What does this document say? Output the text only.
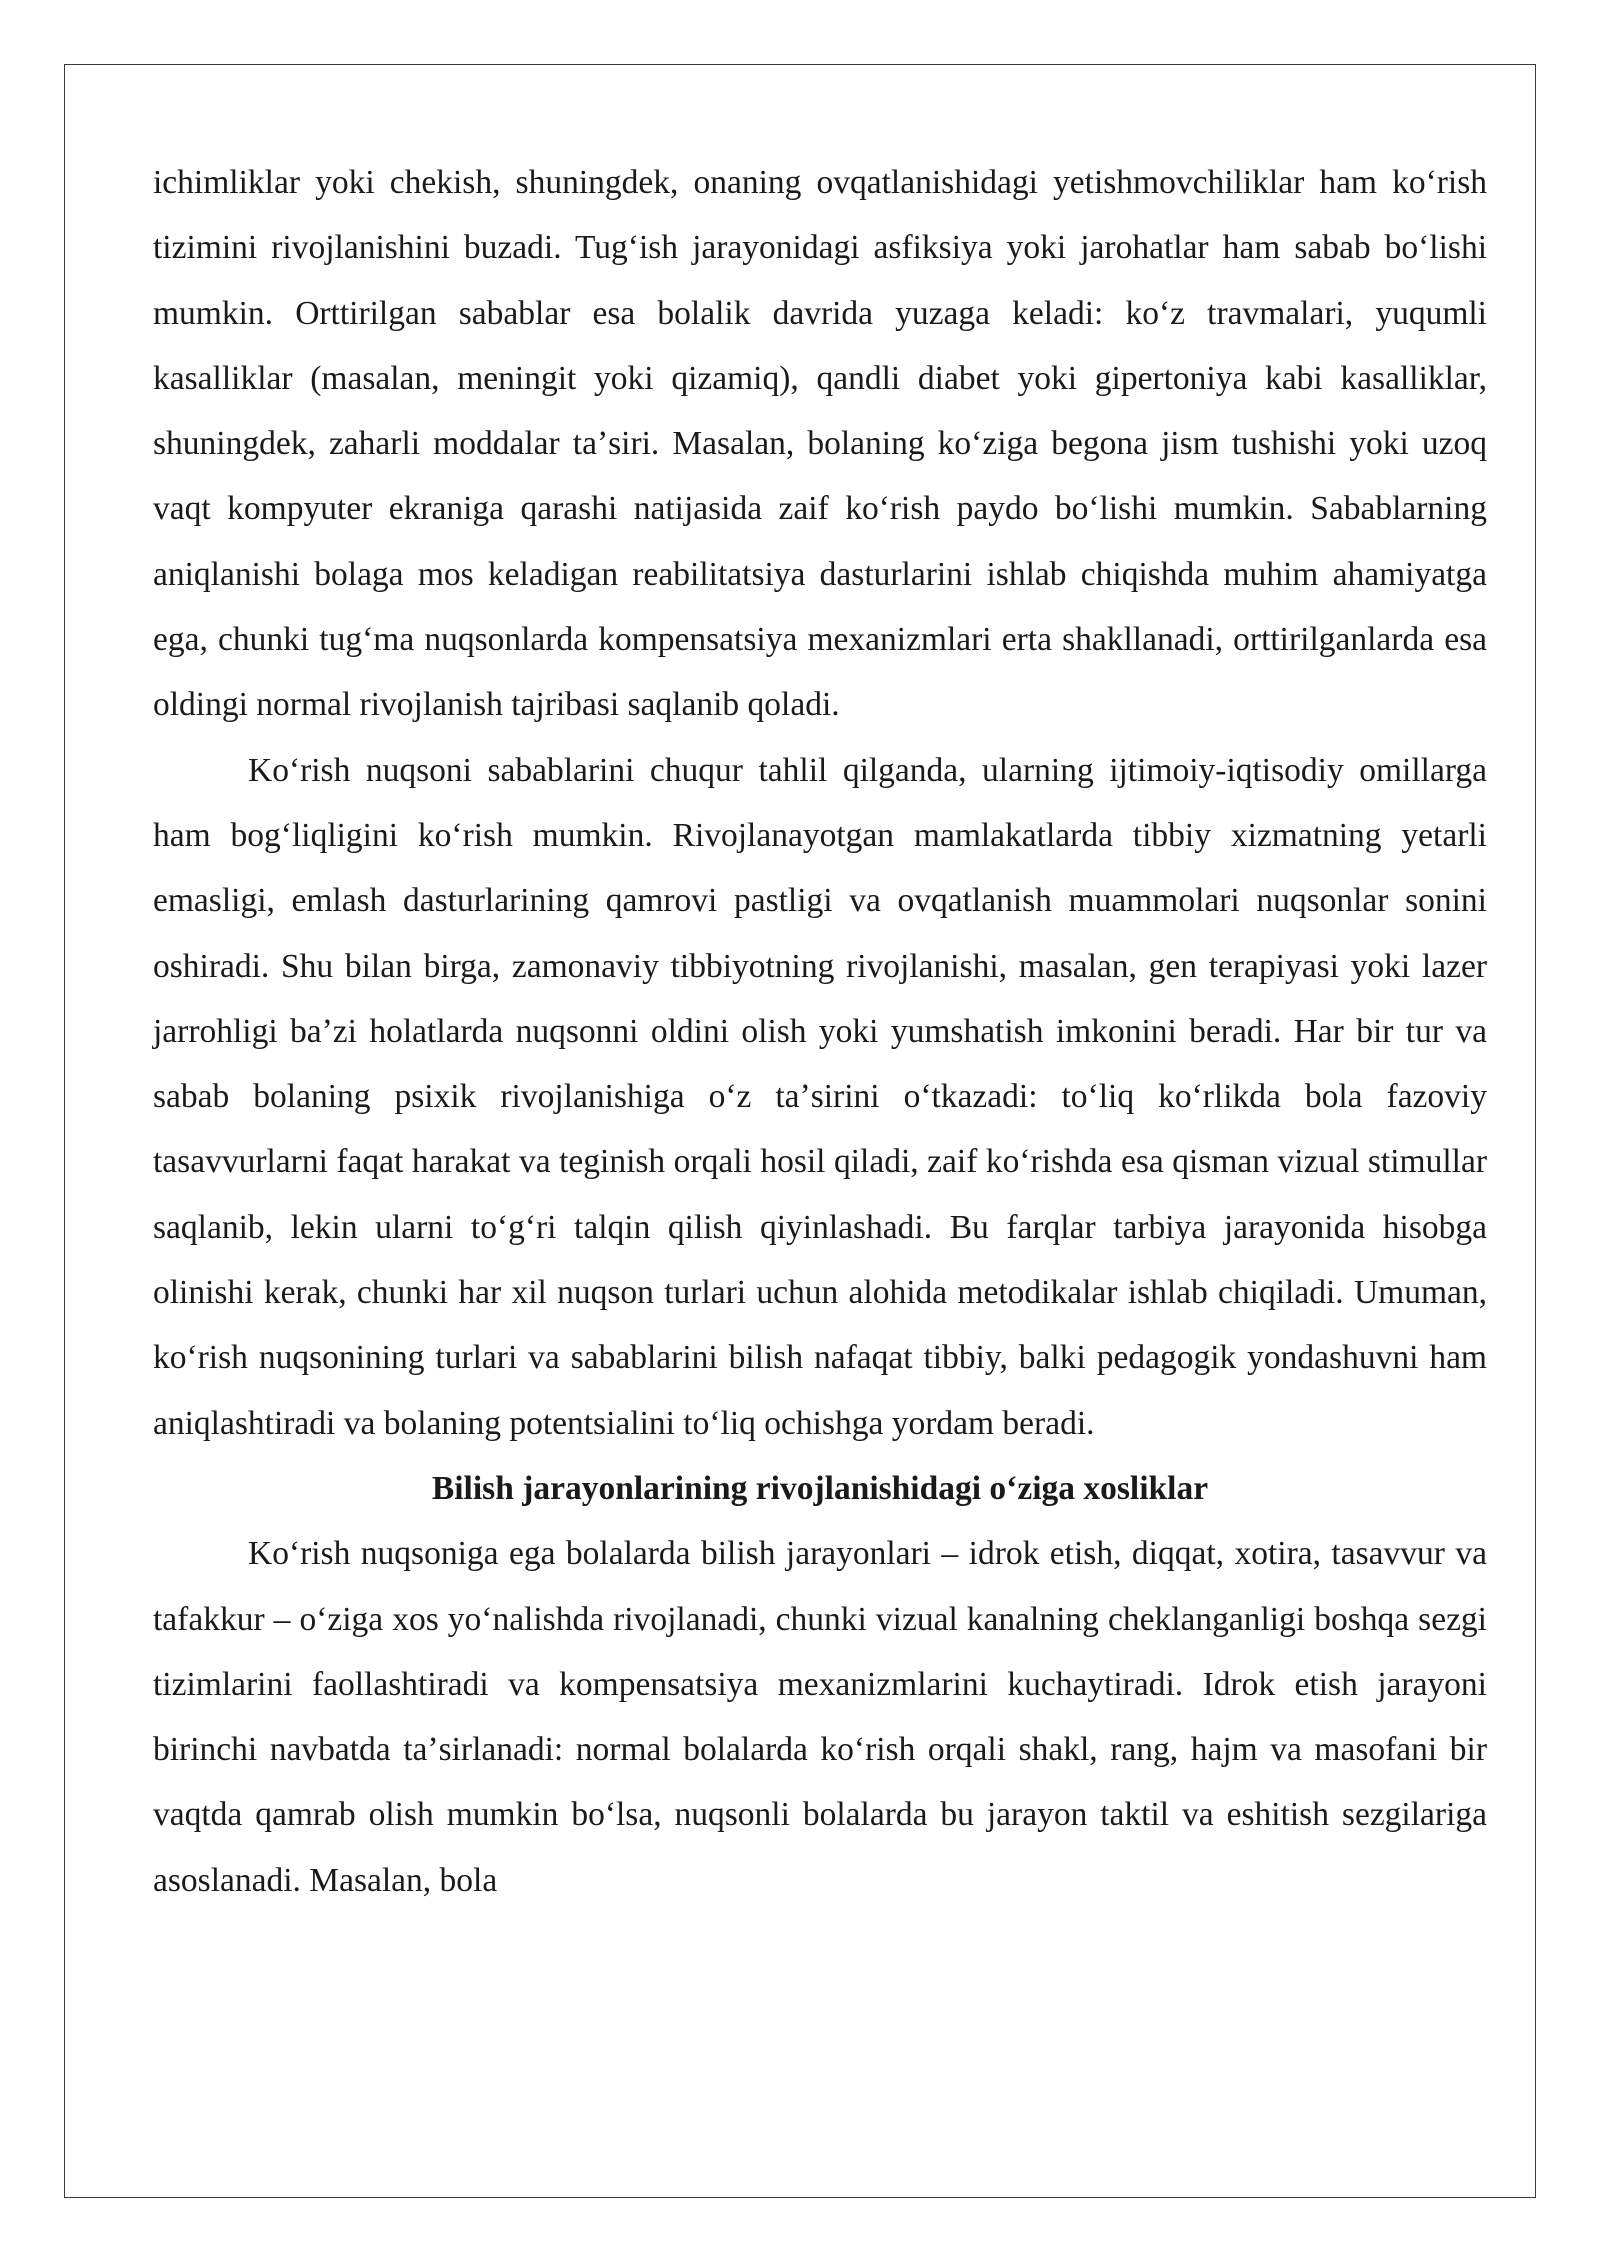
ichimliklar yoki chekish, shuningdek, onaning ovqatlanishidagi yetishmovchiliklar ham koʻrish tizimini rivojlanishini buzadi. Tugʻish jarayonidagi asfiksiya yoki jarohatlar ham sabab boʻlishi mumkin. Orttirilgan sabablar esa bolalik davrida yuzaga keladi: koʻz travmalari, yuqumli kasalliklar (masalan, meningit yoki qizamiq), qandli diabet yoki gipertoniya kabi kasalliklar, shuningdek, zaharli moddalar taʼsiri. Masalan, bolaning koʻziga begona jism tushishi yoki uzoq vaqt kompyuter ekraniga qarashi natijasida zaif koʻrish paydo boʻlishi mumkin. Sabablarning aniqlanishi bolaga mos keladigan reabilitatsiya dasturlarini ishlab chiqishda muhim ahamiyatga ega, chunki tugʻma nuqsonlarda kompensatsiya mexanizmlari erta shakllanadi, orttirilganlarda esa oldingi normal rivojlanish tajribasi saqlanib qoladi.

Koʻrish nuqsoni sabablarini chuqur tahlil qilganda, ularning ijtimoiy-iqtisodiy omillarga ham bogʻliqligini koʻrish mumkin. Rivojlanayotgan mamlakatlarda tibbiy xizmatning yetarli emasligi, emlash dasturlarining qamrovi pastligi va ovqatlanish muammolari nuqsonlar sonini oshiradi. Shu bilan birga, zamonaviy tibbiyotning rivojlanishi, masalan, gen terapiyasi yoki lazer jarrohligi baʼzi holatlarda nuqsonni oldini olish yoki yumshatish imkonini beradi. Har bir tur va sabab bolaning psixik rivojlanishiga oʻz taʼsirini oʻtkazadi: toʻliq koʻrlikda bola fazoviy tasavvurlarni faqat harakat va teginish orqali hosil qiladi, zaif koʻrishda esa qisman vizual stimullar saqlanib, lekin ularni toʻgʻri talqin qilish qiyinlashadi. Bu farqlar tarbiya jarayonida hisobga olinishi kerak, chunki har xil nuqson turlari uchun alohida metodikalar ishlab chiqiladi. Umuman, koʻrish nuqsonining turlari va sabablarini bilish nafaqat tibbiy, balki pedagogik yondashuvni ham aniqlashtiradi va bolaning potentsialini toʻliq ochishga yordam beradi.

Bilish jarayonlarining rivojlanishidagi oʻziga xosliklar

Koʻrish nuqsoniga ega bolalarda bilish jarayonlari – idrok etish, diqqat, xotira, tasavvur va tafakkur – oʻziga xos yoʻnalishda rivojlanadi, chunki vizual kanalning cheklanganligi boshqa sezgi tizimlarini faollashtiradi va kompensatsiya mexanizmlarini kuchaytiradi. Idrok etish jarayoni birinchi navbatda taʼsirlanadi: normal bolalarda koʻrish orqali shakl, rang, hajm va masofani bir vaqtda qamrab olish mumkin boʻlsa, nuqsonli bolalarda bu jarayon taktil va eshitish sezgilariga asoslanadi. Masalan, bola
